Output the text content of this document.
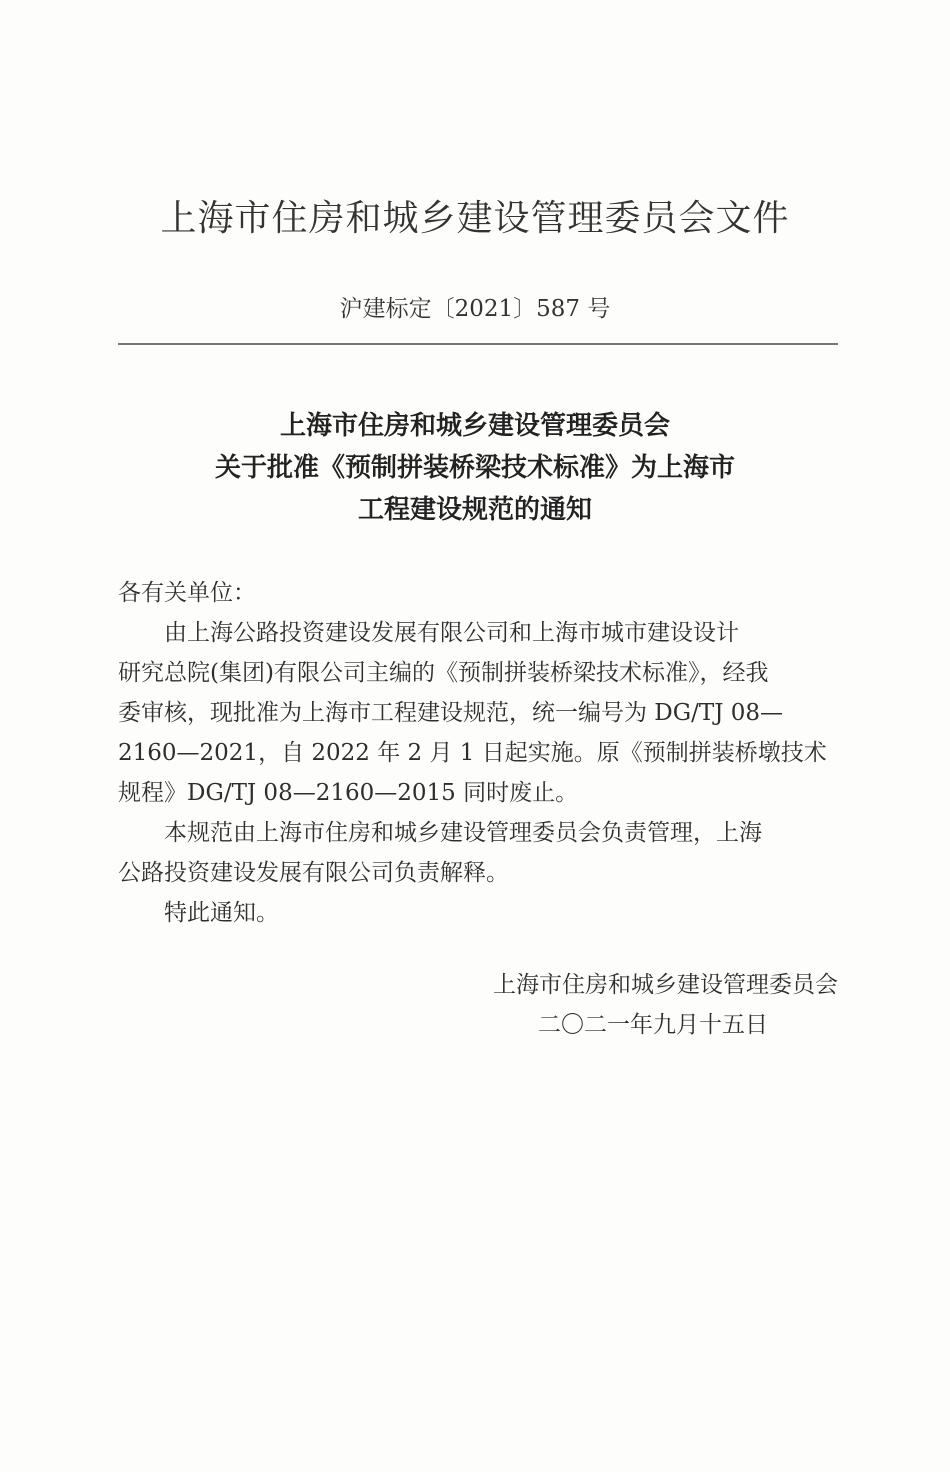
上海市住房和城乡建设管理委员会文件
沪建标定〔2021〕587 号
上海市住房和城乡建设管理委员会
关于批准《预制拼装桥梁技术标准》为上海市
工程建设规范的通知

各有关单位：

由上海公路投资建设发展有限公司和上海市城市建设设计
研究总院(集团)有限公司主编的《预制拼装桥梁技术标准》，经我
委审核，现批准为上海市工程建设规范，统一编号为 DG/TJ 08—
2160—2021，自 2022 年 2 月 1 日起实施。原《预制拼装桥墩技术
规程》DG/TJ 08—2160—2015 同时废止。

本规范由上海市住房和城乡建设管理委员会负责管理，上海
公路投资建设发展有限公司负责解释。

特此通知。

上海市住房和城乡建设管理委员会
二〇二一年九月十五日
